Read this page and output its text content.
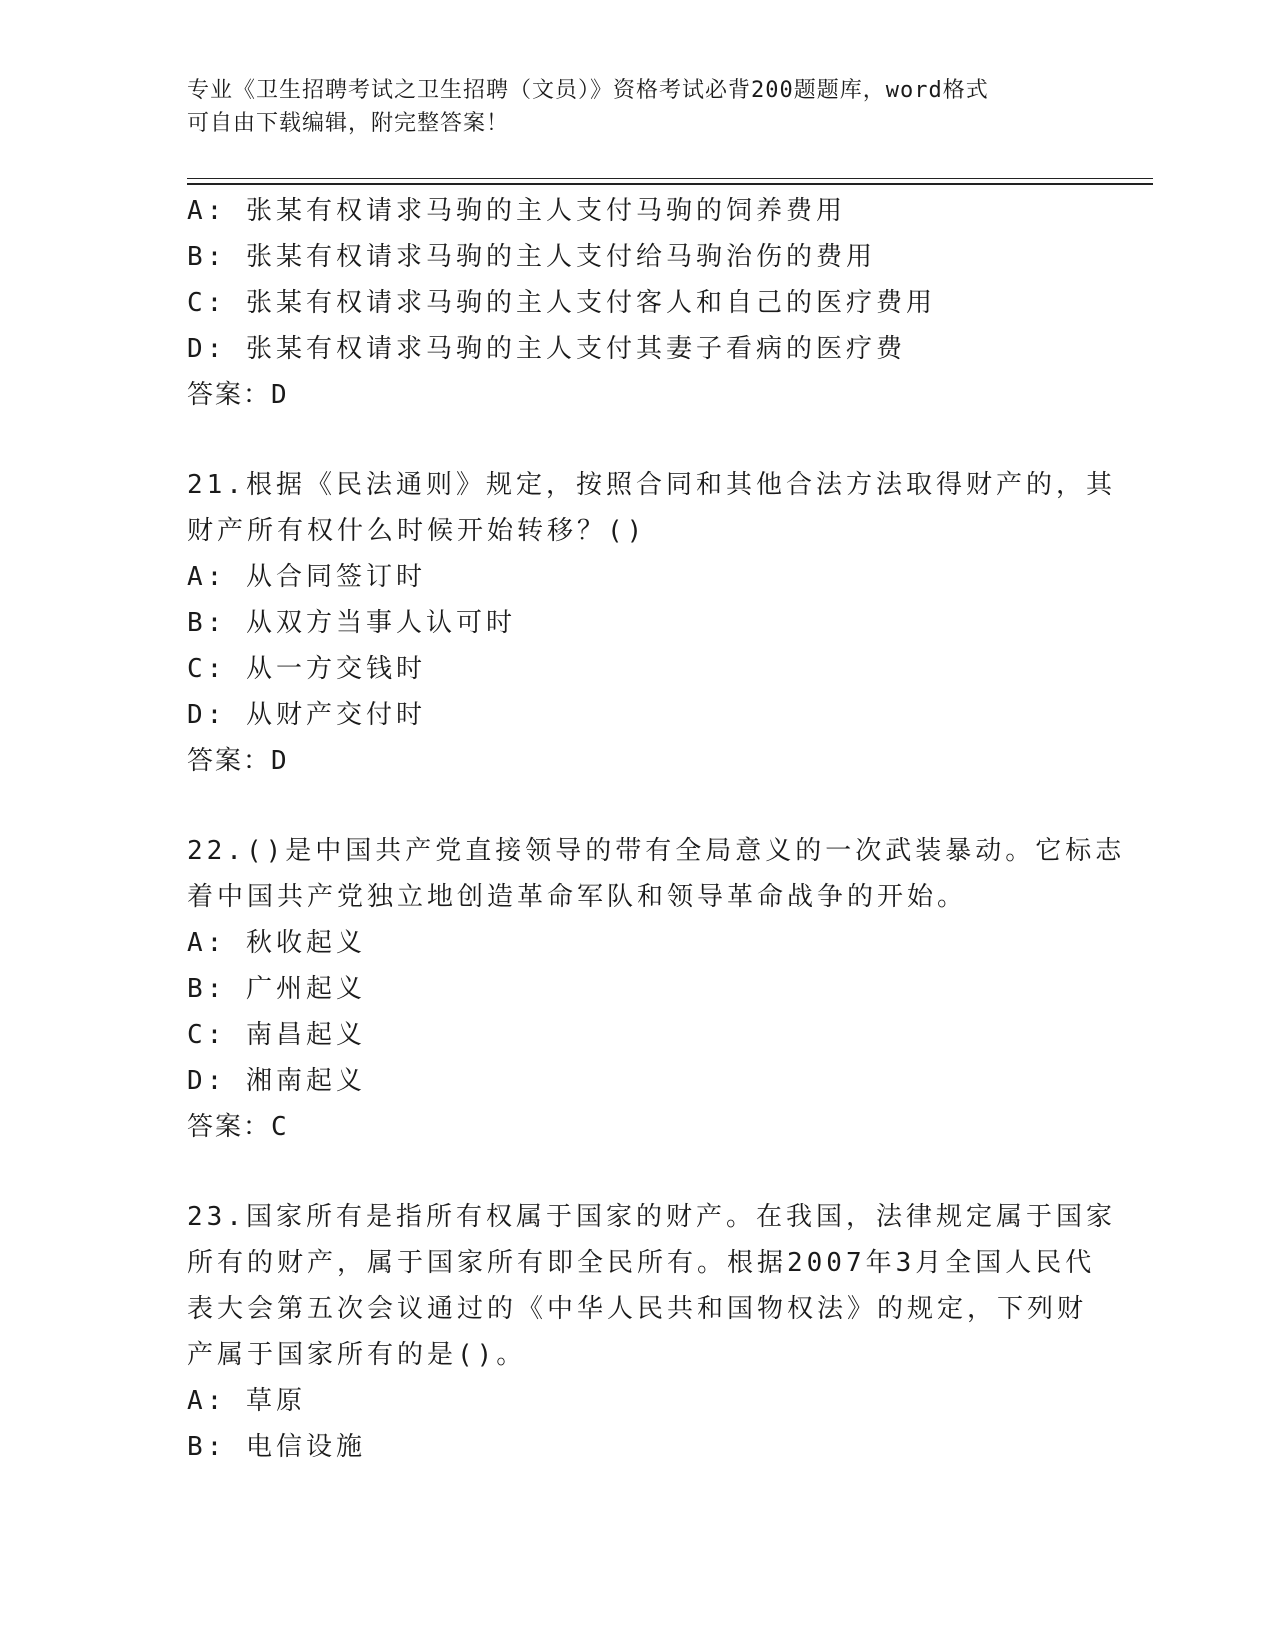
专业《卫生招聘考试之卫生招聘（文员）》资格考试必背200题题库，word格式
可自由下载编辑，附完整答案！
A: 张某有权请求马驹的主人支付马驹的饲养费用
B: 张某有权请求马驹的主人支付给马驹治伤的费用
C: 张某有权请求马驹的主人支付客人和自己的医疗费用
D: 张某有权请求马驹的主人支付其妻子看病的医疗费
答案：D
21.根据《民法通则》规定，按照合同和其他合法方法取得财产的，其
财产所有权什么时候开始转移？()
A: 从合同签订时
B: 从双方当事人认可时
C: 从一方交钱时
D: 从财产交付时
答案：D
22.()是中国共产党直接领导的带有全局意义的一次武装暴动。它标志
着中国共产党独立地创造革命军队和领导革命战争的开始。
A: 秋收起义
B: 广州起义
C: 南昌起义
D: 湘南起义
答案：C
23.国家所有是指所有权属于国家的财产。在我国，法律规定属于国家
所有的财产，属于国家所有即全民所有。根据2007年3月全国人民代
表大会第五次会议通过的《中华人民共和国物权法》的规定，下列财
产属于国家所有的是()。
A: 草原
B: 电信设施
